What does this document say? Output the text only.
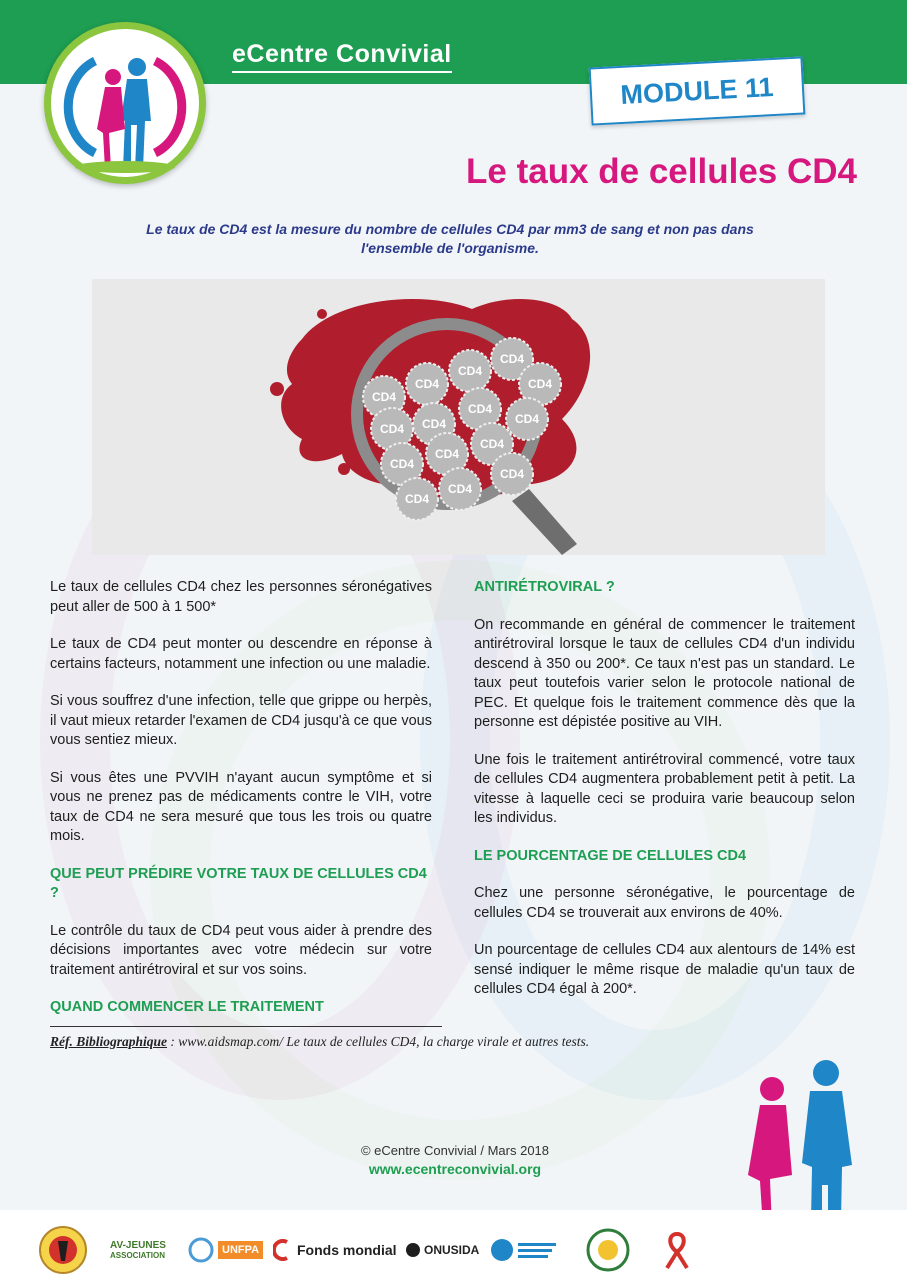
eCentre Convivial
MODULE 11
Le taux de cellules CD4
Le taux de CD4 est la mesure du nombre de cellules CD4 par mm3 de sang et non pas dans
l'ensemble de l'organisme.
CD4
CD4
CD4
CD4
CD4
CD4 CD4
CD4
CD4
CD4
CD4
CD4
CD4
CD4
CD4

Le taux de cellules CD4 chez les personnes séronégatives peut aller de 500 à 1 500*

Le taux de CD4 peut monter ou descendre en réponse à certains facteurs, notamment une infection ou une maladie.

Si vous souffrez d'une infection, telle que grippe ou herpès, il vaut mieux retarder l'examen de CD4 jusqu'à ce que vous vous sentiez mieux.

Si vous êtes une PVVIH n'ayant aucun symptôme et si vous ne prenez pas de médicaments contre le VIH, votre taux de CD4 ne sera mesuré que tous les trois ou quatre mois.

QUE PEUT PRÉDIRE VOTRE TAUX DE CELLULES CD4 ?

Le contrôle du taux de CD4 peut vous aider à prendre des décisions importantes avec votre médecin sur votre traitement antirétroviral et sur vos soins.

QUAND COMMENCER LE TRAITEMENT
ANTIRÉTROVIRAL ?

On recommande en général de commencer le traitement antirétroviral lorsque le taux de cellules CD4 d'un individu descend à 350 ou 200*. Ce taux n'est pas un standard. Le taux peut toutefois varier selon le protocole national de PEC. Et quelque fois le traitement commence dès que la personne est dépistée positive au VIH.

Une fois le traitement antirétroviral commencé, votre taux de cellules CD4 augmentera probablement petit à petit. La vitesse à laquelle ceci se produira varie beaucoup selon les individus.

LE POURCENTAGE DE CELLULES CD4

Chez une personne séronégative, le pourcentage de cellules CD4 se trouverait aux environs de 40%.

Un pourcentage de cellules CD4 aux alentours de 14% est sensé indiquer le même risque de maladie qu'un taux de cellules CD4 égal à 200*.

Réf. Bibliographique : www.aidsmap.com/ Le taux de cellules CD4, la charge virale et autres tests.
© eCentre Convivial / Mars 2018
www.ecentreconvivial.org
AV-JEUNES
ASSOCIATION	UNFPA	Fonds mondial ONUSIDA
